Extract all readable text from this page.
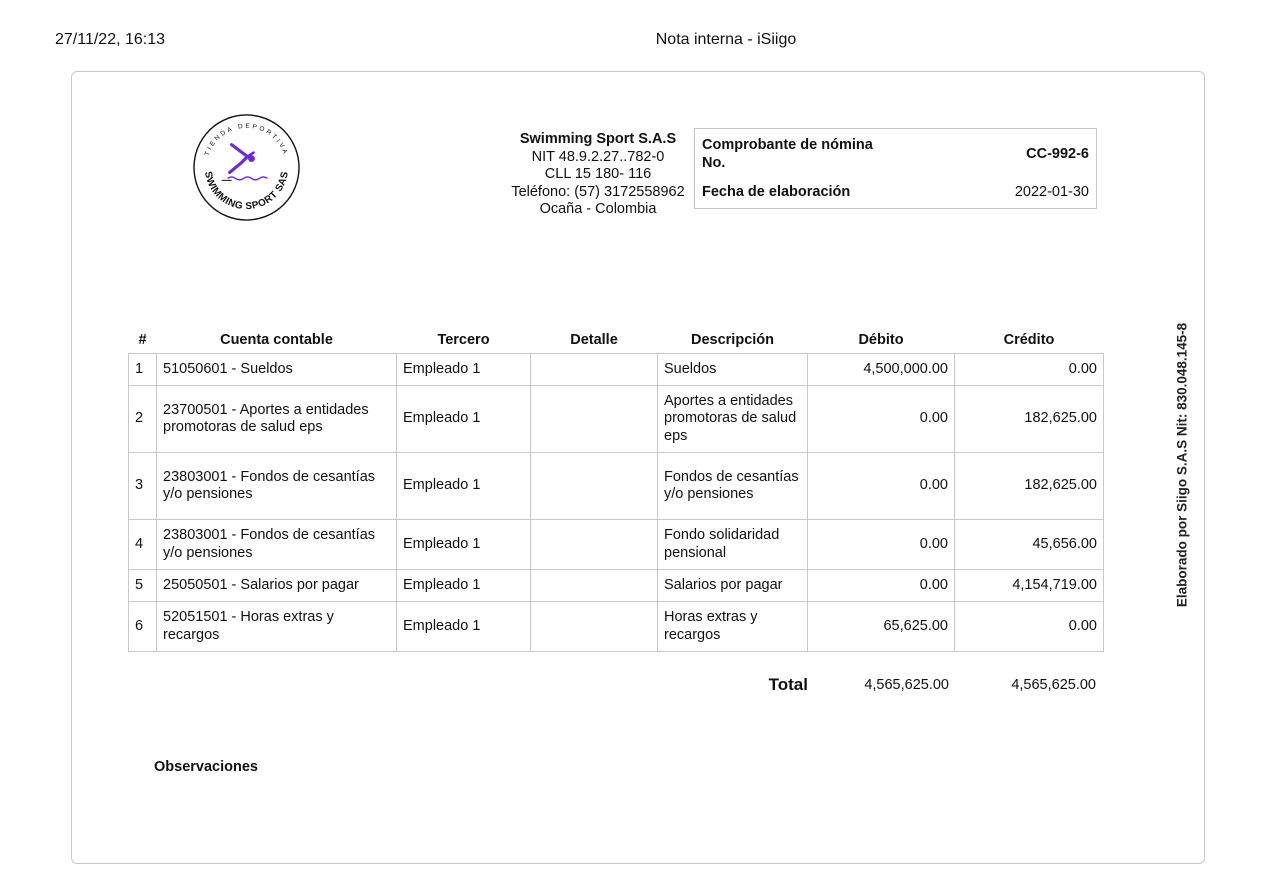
27/11/22, 16:13	Nota interna - iSiigo
TIENDA DEPORTIVA
SWIMMING SPORT SAS
Swimming Sport S.A.S
NIT 48.9.2.27..782-0
CLL 15 180- 116
Teléfono: (57) 3172558962
Ocaña - Colombia
Comprobante de nómina No.
CC-992-6
Fecha de elaboración	2022-01-30
Elaborado por Siigo S.A.S Nit: 830.048.145-8
#	Cuenta contable	Tercero	Detalle	Descripción	Débito	Crédito
1	51050601 - Sueldos	Empleado 1		Sueldos	4,500,000.00	0.00
2	23700501 - Aportes a entidades promotoras de salud eps	Empleado 1		Aportes a entidades promotoras de salud eps	0.00	182,625.00
3	23803001 - Fondos de cesantías y/o pensiones	Empleado 1		Fondos de cesantías y/o pensiones	0.00	182,625.00
4	23803001 - Fondos de cesantías y/o pensiones	Empleado 1		Fondo solidaridad pensional	0.00	45,656.00
5	25050501 - Salarios por pagar	Empleado 1		Salarios por pagar	0.00	4,154,719.00
6	52051501 - Horas extras y recargos	Empleado 1		Horas extras y recargos	65,625.00	0.00
Total	4,565,625.00	4,565,625.00
Observaciones
